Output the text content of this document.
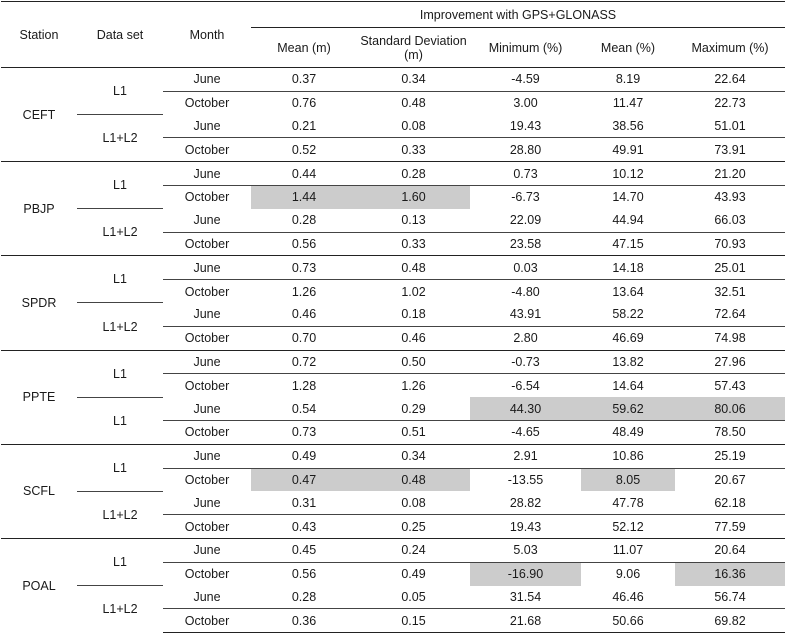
Station	Data set	Month	Improvement with GPS+GLONASS				
			Mean (m)	Standard Deviation (m)	Minimum (%)	Mean (%)	Maximum (%)
CEFT	L1	June	0.37	0.34	-4.59	8.19	22.64
		October	0.76	0.48	3.00	11.47	22.73
	L1+L2	June	0.21	0.08	19.43	38.56	51.01
		October	0.52	0.33	28.80	49.91	73.91
PBJP	L1	June	0.44	0.28	0.73	10.12	21.20
		October	1.44	1.60	-6.73	14.70	43.93
	L1+L2	June	0.28	0.13	22.09	44.94	66.03
		October	0.56	0.33	23.58	47.15	70.93
SPDR	L1	June	0.73	0.48	0.03	14.18	25.01
		October	1.26	1.02	-4.80	13.64	32.51
	L1+L2	June	0.46	0.18	43.91	58.22	72.64
		October	0.70	0.46	2.80	46.69	74.98
PPTE	L1	June	0.72	0.50	-0.73	13.82	27.96
		October	1.28	1.26	-6.54	14.64	57.43
	L1	June	0.54	0.29	44.30	59.62	80.06
		October	0.73	0.51	-4.65	48.49	78.50
SCFL	L1	June	0.49	0.34	2.91	10.86	25.19
		October	0.47	0.48	-13.55	8.05	20.67
	L1+L2	June	0.31	0.08	28.82	47.78	62.18
		October	0.43	0.25	19.43	52.12	77.59
POAL	L1	June	0.45	0.24	5.03	11.07	20.64
		October	0.56	0.49	-16.90	9.06	16.36
	L1+L2	June	0.28	0.05	31.54	46.46	56.74
		October	0.36	0.15	21.68	50.66	69.82
